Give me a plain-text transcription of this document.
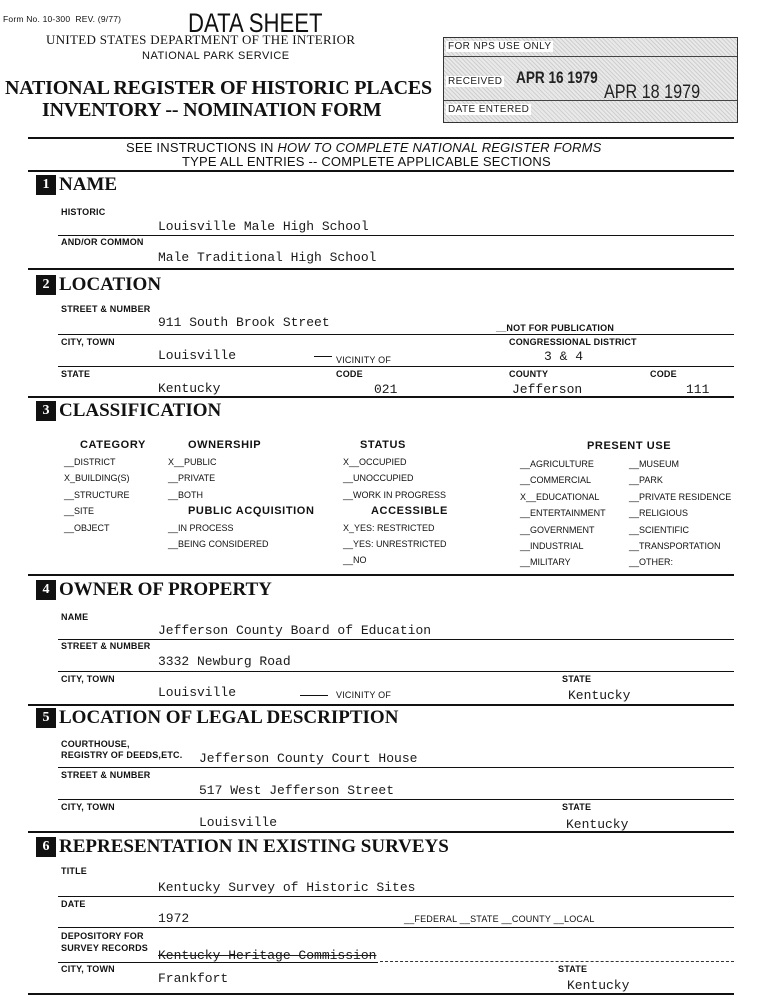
Form No. 10-300 REV. (9/77) DATA SHEET
UNITED STATES DEPARTMENT OF THE INTERIOR
NATIONAL PARK SERVICE
NATIONAL REGISTER OF HISTORIC PLACES
INVENTORY -- NOMINATION FORM
FOR NPS USE ONLY
RECEIVED APR 16 1979
APR 18 1979
DATE ENTERED
SEE INSTRUCTIONS IN HOW TO COMPLETE NATIONAL REGISTER FORMS
TYPE ALL ENTRIES -- COMPLETE APPLICABLE SECTIONS
1 NAME
HISTORIC
Louisville Male High School
AND/OR COMMON
Male Traditional High School
2 LOCATION
STREET & NUMBER
911 South Brook Street	__NOT FOR PUBLICATION
CITY, TOWN	CONGRESSIONAL DISTRICT
Louisville	VICINITY OF	3 & 4
STATE	CODE	COUNTY	CODE
Kentucky	021	Jefferson	111
3 CLASSIFICATION
CATEGORY
__DISTRICT
X_BUILDING(S)
__STRUCTURE
__SITE
__OBJECT
OWNERSHIP
X__PUBLIC
__PRIVATE
__BOTH
PUBLIC ACQUISITION
__IN PROCESS
__BEING CONSIDERED
STATUS
X__OCCUPIED
__UNOCCUPIED
__WORK IN PROGRESS
ACCESSIBLE
X_YES: RESTRICTED
__YES: UNRESTRICTED
__NO
PRESENT USE
__AGRICULTURE
__COMMERCIAL
X__EDUCATIONAL
__ENTERTAINMENT
__GOVERNMENT
__INDUSTRIAL
__MILITARY
__MUSEUM
__PARK
__PRIVATE RESIDENCE
__RELIGIOUS
__SCIENTIFIC
__TRANSPORTATION
__OTHER:
4 OWNER OF PROPERTY
NAME
Jefferson County Board of Education
STREET & NUMBER
3332 Newburg Road
CITY, TOWN	STATE
Louisville	VICINITY OF	Kentucky
5 LOCATION OF LEGAL DESCRIPTION
COURTHOUSE,
REGISTRY OF DEEDS,ETC. Jefferson County Court House
STREET & NUMBER
517 West Jefferson Street
CITY, TOWN	STATE
Louisville	Kentucky
6 REPRESENTATION IN EXISTING SURVEYS
TITLE
Kentucky Survey of Historic Sites
DATE
1972	__FEDERAL __STATE __COUNTY __LOCAL
DEPOSITORY FOR
SURVEY RECORDS Kentucky Heritage Commission
CITY, TOWN	STATE
Frankfort	Kentucky
